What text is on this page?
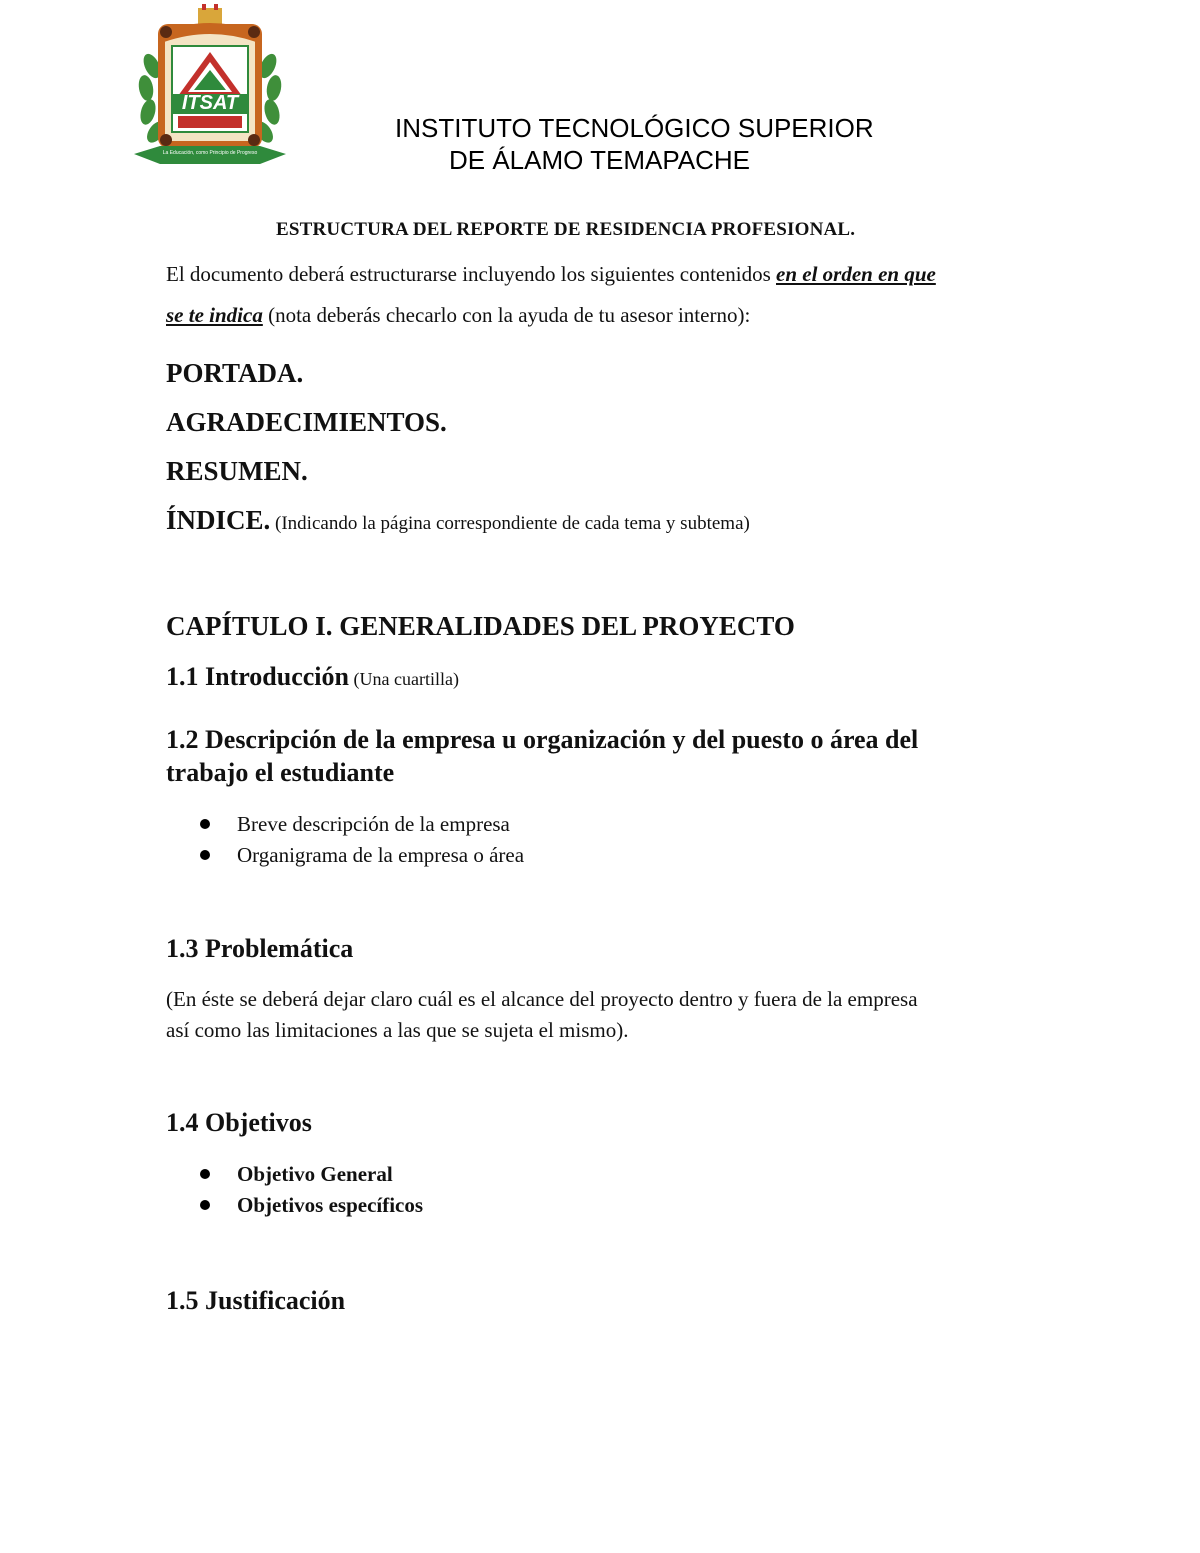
ITSAT
La Educación, como Principio de Progreso
INSTITUTO TECNOLÓGICO SUPERIOR
DE ÁLAMO TEMAPACHE
ESTRUCTURA DEL REPORTE DE RESIDENCIA PROFESIONAL.
El documento deberá estructurarse incluyendo los siguientes contenidos en el orden en que
se te indica (nota deberás checarlo con la ayuda de tu asesor interno):
PORTADA.
AGRADECIMIENTOS.
RESUMEN.
ÍNDICE. (Indicando la página correspondiente de cada tema y subtema)
CAPÍTULO I. GENERALIDADES DEL PROYECTO
1.1 Introducción (Una cuartilla)
1.2 Descripción de la empresa u organización y del puesto o área del
trabajo el estudiante
Breve descripción de la empresa
Organigrama de la empresa o área
1.3 Problemática
(En éste se deberá dejar claro cuál es el alcance del proyecto dentro y fuera de la empresa
así como las limitaciones a las que se sujeta el mismo).
1.4 Objetivos
Objetivo General
Objetivos específicos
1.5 Justificación
